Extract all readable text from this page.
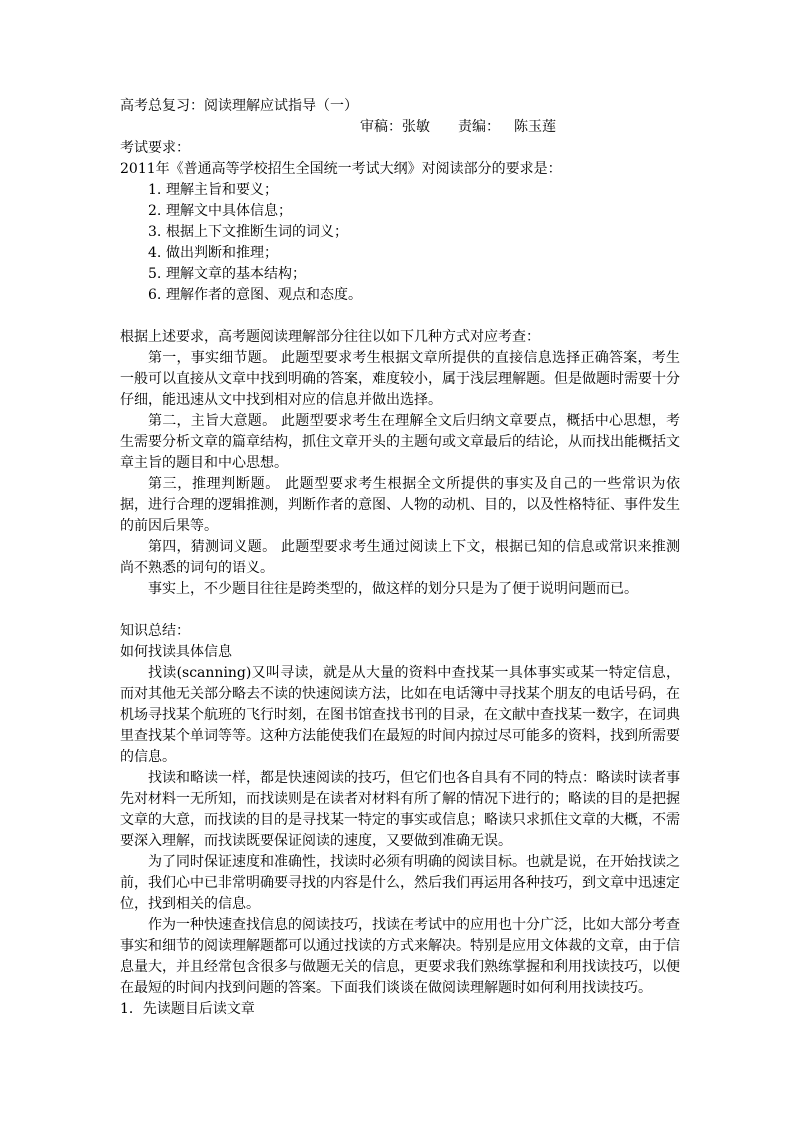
高考总复习：阅读理解应试指导（一）
审稿：张敏 责编： 陈玉莲
考试要求：
2011年《普通高等学校招生全国统一考试大纲》对阅读部分的要求是：
1. 理解主旨和要义；
2. 理解文中具体信息；
3. 根据上下文推断生词的词义；
4. 做出判断和推理；
5. 理解文章的基本结构；
6. 理解作者的意图、观点和态度。

根据上述要求，高考题阅读理解部分往往以如下几种方式对应考查：

第一，事实细节题。 此题型要求考生根据文章所提供的直接信息选择正确答案，考生一般可以直接从文章中找到明确的答案，难度较小，属于浅层理解题。但是做题时需要十分仔细，能迅速从文中找到相对应的信息并做出选择。

第二，主旨大意题。 此题型要求考生在理解全文后归纳文章要点，概括中心思想，考生需要分析文章的篇章结构，抓住文章开头的主题句或文章最后的结论，从而找出能概括文章主旨的题目和中心思想。

第三，推理判断题。 此题型要求考生根据全文所提供的事实及自己的一些常识为依据，进行合理的逻辑推测，判断作者的意图、人物的动机、目的，以及性格特征、事件发生的前因后果等。

第四，猜测词义题。 此题型要求考生通过阅读上下文，根据已知的信息或常识来推测尚不熟悉的词句的语义。

事实上，不少题目往往是跨类型的，做这样的划分只是为了便于说明问题而已。

知识总结：
如何找读具体信息

找读(scanning)又叫寻读，就是从大量的资料中查找某一具体事实或某一特定信息，而对其他无关部分略去不读的快速阅读方法，比如在电话簿中寻找某个朋友的电话号码，在机场寻找某个航班的飞行时刻，在图书馆查找书刊的目录，在文献中查找某一数字，在词典里查找某个单词等等。这种方法能使我们在最短的时间内掠过尽可能多的资料，找到所需要的信息。

找读和略读一样，都是快速阅读的技巧，但它们也各自具有不同的特点：略读时读者事先对材料一无所知，而找读则是在读者对材料有所了解的情况下进行的；略读的目的是把握文章的大意，而找读的目的是寻找某一特定的事实或信息；略读只求抓住文章的大概，不需要深入理解，而找读既要保证阅读的速度，又要做到准确无误。

为了同时保证速度和准确性，找读时必须有明确的阅读目标。也就是说，在开始找读之前，我们心中已非常明确要寻找的内容是什么，然后我们再运用各种技巧，到文章中迅速定位，找到相关的信息。

作为一种快速查找信息的阅读技巧，找读在考试中的应用也十分广泛，比如大部分考查事实和细节的阅读理解题都可以通过找读的方式来解决。特别是应用文体裁的文章，由于信息量大，并且经常包含很多与做题无关的信息，更要求我们熟练掌握和利用找读技巧，以便在最短的时间内找到问题的答案。下面我们谈谈在做阅读理解题时如何利用找读技巧。

1．先读题目后读文章
